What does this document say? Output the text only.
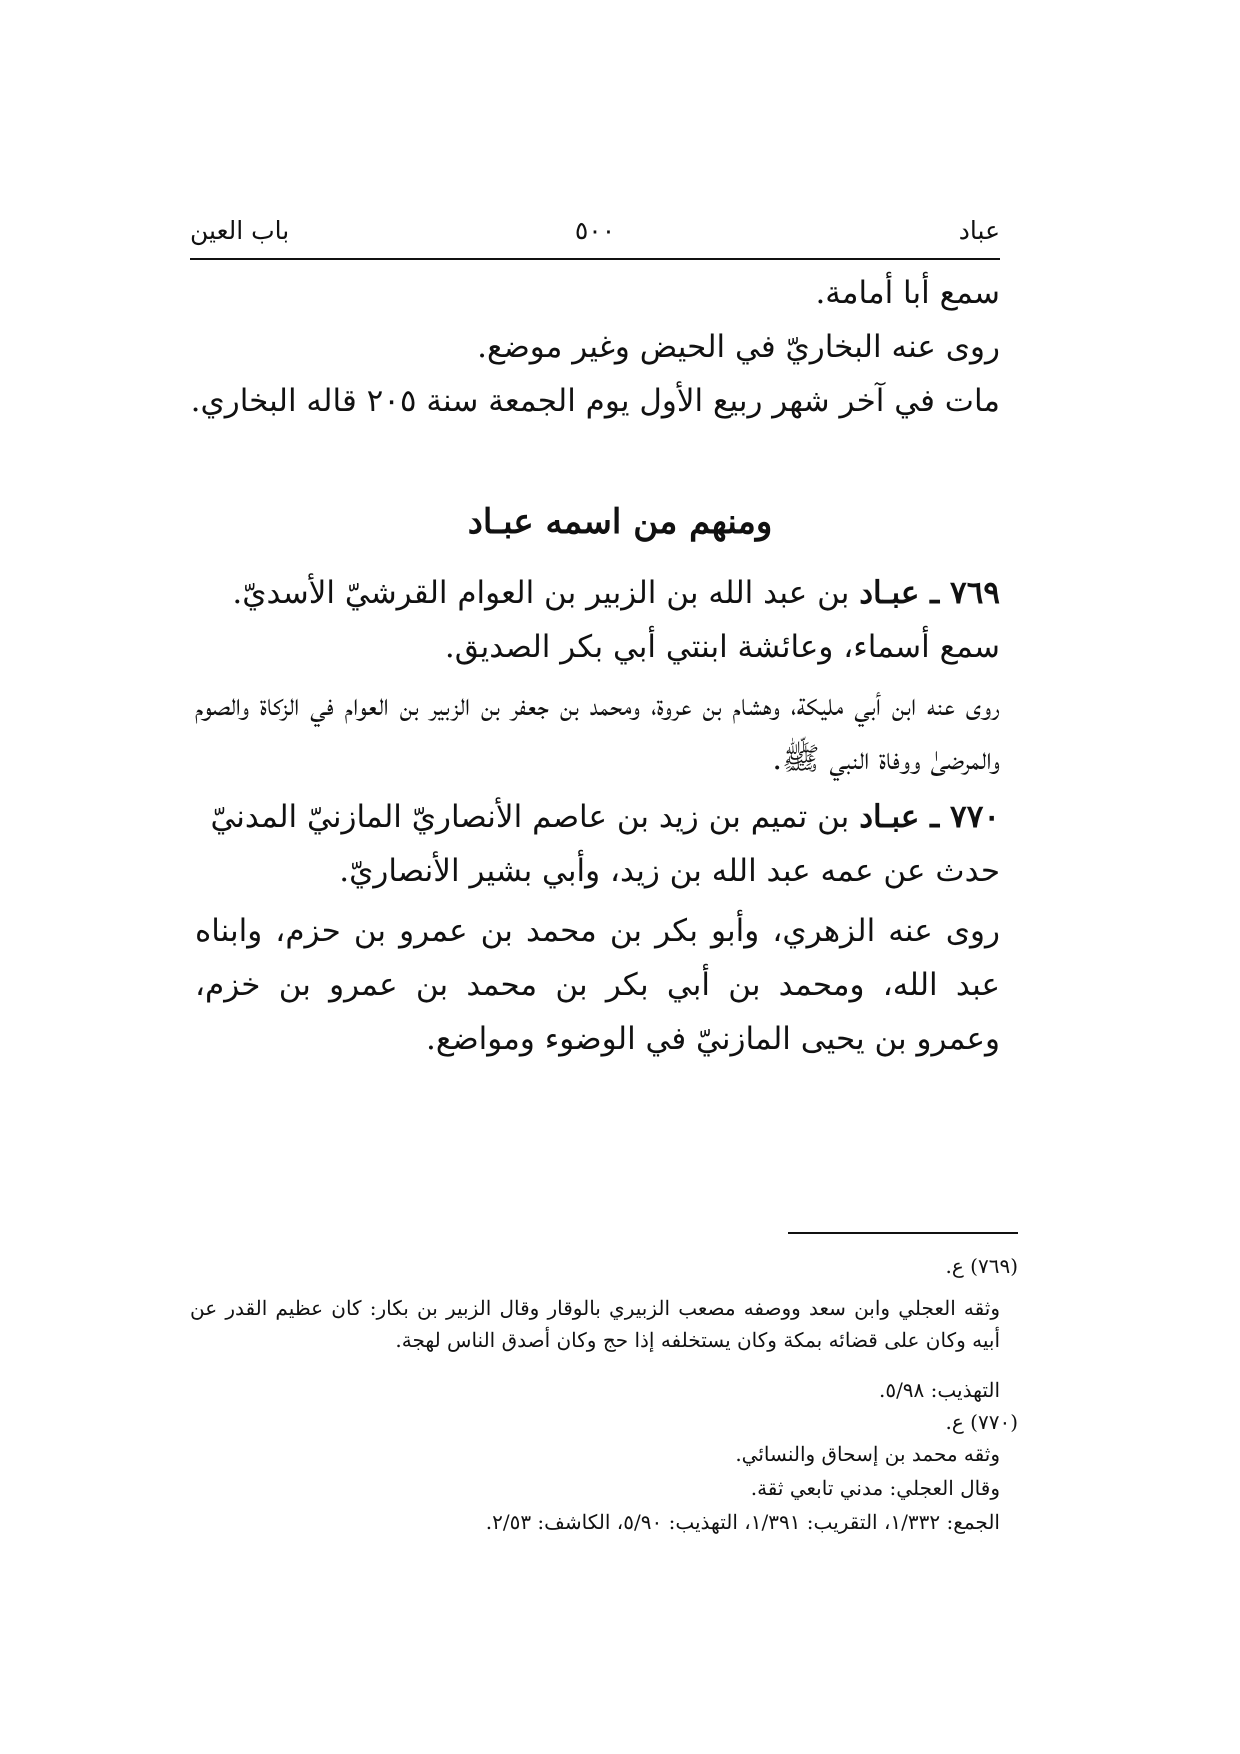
عباد
٥٠٠
باب العين
سمع أبا أمامة.
روى عنه البخاريّ في الحيض وغير موضع.
مات في آخر شهر ربيع الأول يوم الجمعة سنة ٢٠٥ قاله البخاري.
ومنهم من اسمه عبـاد
٧٦٩ ـ عبـاد بن عبد الله بن الزبير بن العوام القرشيّ الأسديّ.
سمع أسماء، وعائشة ابنتي أبي بكر الصديق.
روى عنه ابن أبي مليكة، وهشام بن عروة، ومحمد بن جعفر بن الزبير بن العوام في الزكاة والصوم والمرضىٰ ووفاة النبي ﷺ.
٧٧٠ ـ عبـاد بن تميم بن زيد بن عاصم الأنصاريّ المازنيّ المدنيّ
حدث عن عمه عبد الله بن زيد، وأبي بشير الأنصاريّ.
روى عنه الزهري، وأبو بكر بن محمد بن عمرو بن حزم، وابناه عبد الله، ومحمد بن أبي بكر بن محمد بن عمرو بن خزم، وعمرو بن يحيى المازنيّ في الوضوء ومواضع.
(٧٦٩) ع.
وثقه العجلي وابن سعد ووصفه مصعب الزبيري بالوقار وقال الزبير بن بكار: كان عظيم القدر عن أبيه وكان على قضائه بمكة وكان يستخلفه إذا حج وكان أصدق الناس لهجة.
التهذيب: ٥/٩٨.
(٧٧٠) ع.
وثقه محمد بن إسحاق والنسائي.
وقال العجلي: مدني تابعي ثقة.
الجمع: ١/٣٣٢، التقريب: ١/٣٩١، التهذيب: ٥/٩٠، الكاشف: ٢/٥٣.
